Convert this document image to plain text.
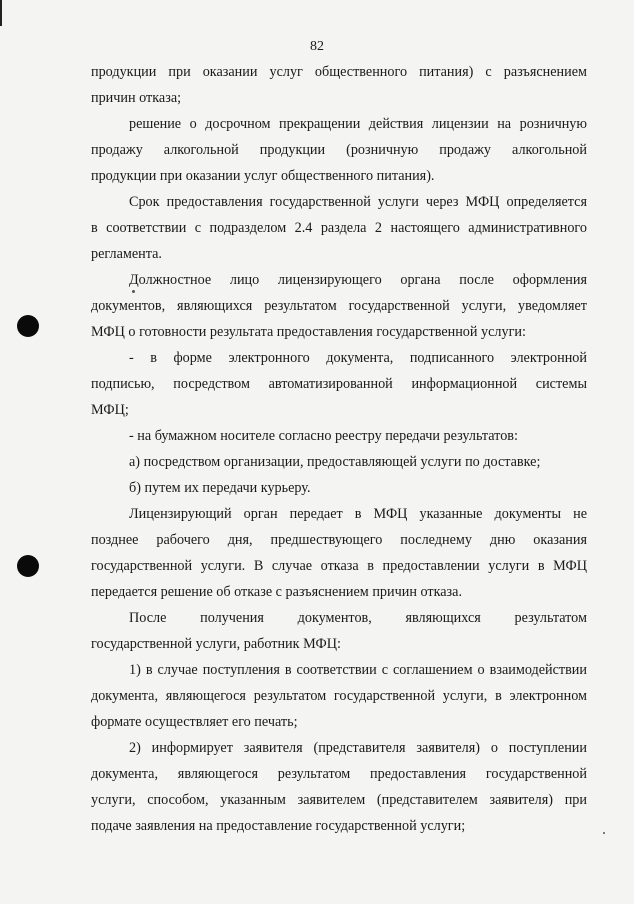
82
продукции при оказании услуг общественного питания) с разъяснением
причин отказа;
решение о досрочном прекращении действия лицензии на розничную
продажу алкогольной продукции (розничную продажу алкогольной
продукции при оказании услуг общественного питания).
Срок предоставления государственной услуги через МФЦ определяется
в соответствии с подразделом 2.4 раздела 2 настоящего административного
регламента.
Должностное лицо лицензирующего органа после оформления
документов, являющихся результатом государственной услуги, уведомляет
МФЦ о готовности результата предоставления государственной услуги:
- в форме электронного документа, подписанного электронной
подписью, посредством автоматизированной информационной системы
МФЦ;
- на бумажном носителе согласно реестру передачи результатов:
а) посредством организации, предоставляющей услуги по доставке;
б) путем их передачи курьеру.
Лицензирующий орган передает в МФЦ указанные документы не
позднее рабочего дня, предшествующего последнему дню оказания
государственной услуги. В случае отказа в предоставлении услуги в МФЦ
передается решение об отказе с разъяснением причин отказа.
После получения документов, являющихся результатом
государственной услуги, работник МФЦ:
1) в случае поступления в соответствии с соглашением о взаимодействии
документа, являющегося результатом государственной услуги, в электронном
формате осуществляет его печать;
2) информирует заявителя (представителя заявителя) о поступлении
документа, являющегося результатом предоставления государственной
услуги, способом, указанным заявителем (представителем заявителя) при
подаче заявления на предоставление государственной услуги;
